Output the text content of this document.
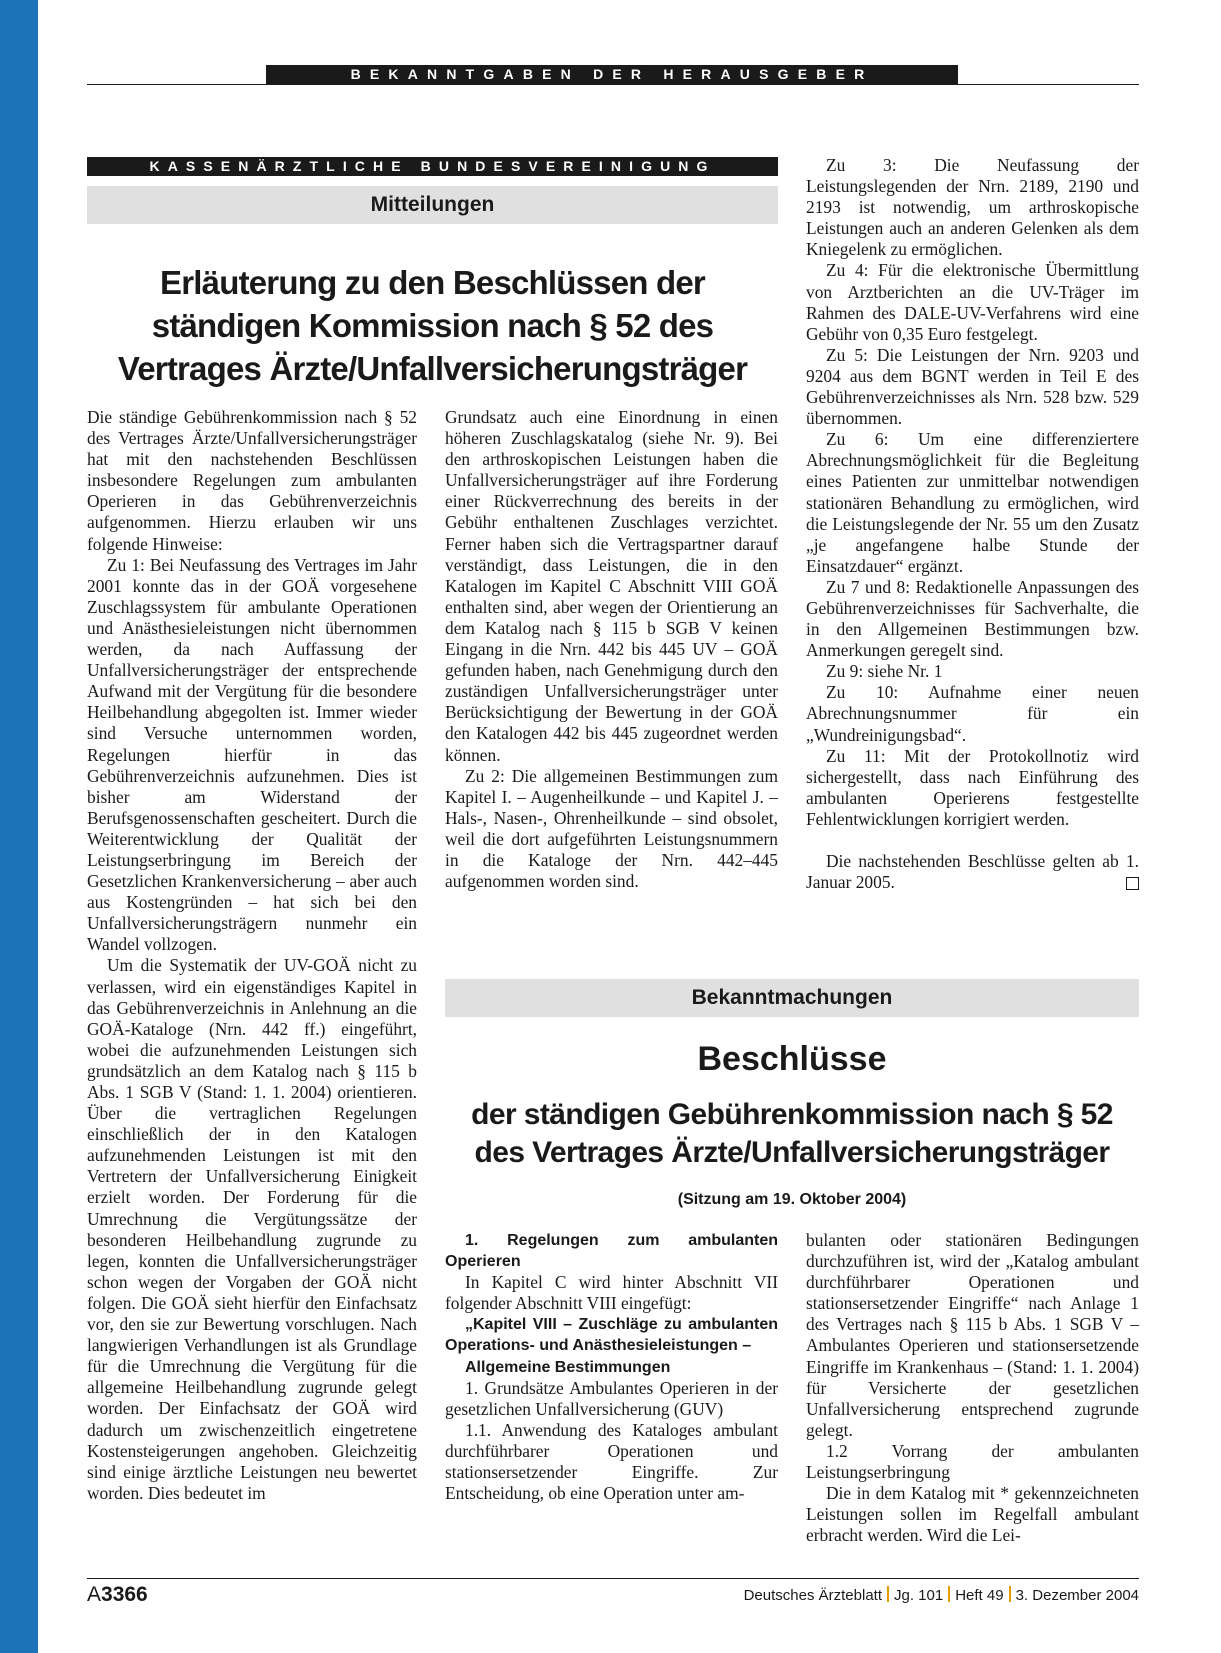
BEKANNTGABEN DER HERAUSGEBER
KASSENÄRZTLICHE BUNDESVEREINIGUNG
Mitteilungen
Erläuterung zu den Beschlüssen der
ständigen Kommission nach § 52 des
Vertrages Ärzte/Unfallversicherungsträger

Die ständige Gebührenkommission nach § 52 des Vertrages Ärzte/Unfallversicherungsträger hat mit den nachstehenden Beschlüssen insbesondere Regelungen zum ambulanten Operieren in das Gebührenverzeichnis aufgenommen. Hierzu erlauben wir uns folgende Hinweise:

Zu 1: Bei Neufassung des Vertrages im Jahr 2001 konnte das in der GOÄ vorgesehene Zuschlagssystem für ambulante Operationen und Anästhesieleistungen nicht übernommen werden, da nach Auffassung der Unfallversicherungsträger der entsprechende Aufwand mit der Vergütung für die besondere Heilbehandlung abgegolten ist. Immer wieder sind Versuche unternommen worden, Regelungen hierfür in das Gebührenverzeichnis aufzunehmen. Dies ist bisher am Widerstand der Berufsgenossenschaften gescheitert. Durch die Weiterentwicklung der Qualität der Leistungserbringung im Bereich der Gesetzlichen Krankenversicherung – aber auch aus Kostengründen – hat sich bei den Unfallversicherungsträgern nunmehr ein Wandel vollzogen.

Um die Systematik der UV-GOÄ nicht zu verlassen, wird ein eigenständiges Kapitel in das Gebührenverzeichnis in Anlehnung an die GOÄ-Kataloge (Nrn. 442 ff.) eingeführt, wobei die aufzunehmenden Leistungen sich grundsätzlich an dem Katalog nach § 115 b Abs. 1 SGB V (Stand: 1. 1. 2004) orientieren. Über die vertraglichen Regelungen einschließlich der in den Katalogen aufzunehmenden Leistungen ist mit den Vertretern der Unfallversicherung Einigkeit erzielt worden. Der Forderung für die Umrechnung die Vergütungssätze der besonderen Heilbehandlung zugrunde zu legen, konnten die Unfallversicherungsträger schon wegen der Vorgaben der GOÄ nicht folgen. Die GOÄ sieht hierfür den Einfachsatz vor, den sie zur Bewertung vorschlugen. Nach langwierigen Verhandlungen ist als Grundlage für die Umrechnung die Vergütung für die allgemeine Heilbehandlung zugrunde gelegt worden. Der Einfachsatz der GOÄ wird dadurch um zwischenzeitlich eingetretene Kostensteigerungen angehoben. Gleichzeitig sind einige ärztliche Leistungen neu bewertet worden. Dies bedeutet im

Grundsatz auch eine Einordnung in einen höheren Zuschlagskatalog (siehe Nr. 9). Bei den arthroskopischen Leistungen haben die Unfallversicherungsträger auf ihre Forderung einer Rückverrechnung des bereits in der Gebühr enthaltenen Zuschlages verzichtet. Ferner haben sich die Vertragspartner darauf verständigt, dass Leistungen, die in den Katalogen im Kapitel C Abschnitt VIII GOÄ enthalten sind, aber wegen der Orientierung an dem Katalog nach § 115 b SGB V keinen Eingang in die Nrn. 442 bis 445 UV – GOÄ gefunden haben, nach Genehmigung durch den zuständigen Unfallversicherungsträger unter Berücksichtigung der Bewertung in der GOÄ den Katalogen 442 bis 445 zugeordnet werden können.

Zu 2: Die allgemeinen Bestimmungen zum Kapitel I. – Augenheilkunde – und Kapitel J. – Hals-, Nasen-, Ohrenheilkunde – sind obsolet, weil die dort aufgeführten Leistungsnummern in die Kataloge der Nrn. 442–445 aufgenommen worden sind.

Zu 3: Die Neufassung der Leistungslegenden der Nrn. 2189, 2190 und 2193 ist notwendig, um arthroskopische Leistungen auch an anderen Gelenken als dem Kniegelenk zu ermöglichen.

Zu 4: Für die elektronische Übermittlung von Arztberichten an die UV-Träger im Rahmen des DALE-UV-Verfahrens wird eine Gebühr von 0,35 Euro festgelegt.

Zu 5: Die Leistungen der Nrn. 9203 und 9204 aus dem BGNT werden in Teil E des Gebührenverzeichnisses als Nrn. 528 bzw. 529 übernommen.

Zu 6: Um eine differenziertere Abrechnungsmöglichkeit für die Begleitung eines Patienten zur unmittelbar notwendigen stationären Behandlung zu ermöglichen, wird die Leistungslegende der Nr. 55 um den Zusatz „je angefangene halbe Stunde der Einsatzdauer“ ergänzt.

Zu 7 und 8: Redaktionelle Anpassungen des Gebührenverzeichnisses für Sachverhalte, die in den Allgemeinen Bestimmungen bzw. Anmerkungen geregelt sind.

Zu 9: siehe Nr. 1

Zu 10: Aufnahme einer neuen Abrechnungsnummer für ein „Wundreinigungsbad“.

Zu 11: Mit der Protokollnotiz wird sichergestellt, dass nach Einführung des ambulanten Operierens festgestellte Fehlentwicklungen korrigiert werden.

Die nachstehenden Beschlüsse gelten ab 1. Januar 2005.

Bekanntmachungen
Beschlüsse
der ständigen Gebührenkommission nach § 52
des Vertrages Ärzte/Unfallversicherungsträger
(Sitzung am 19. Oktober 2004)

1. Regelungen zum ambulanten Operieren

In Kapitel C wird hinter Abschnitt VII folgender Abschnitt VIII eingefügt:

„Kapitel VIII – Zuschläge zu ambulanten Operations- und Anästhesieleistungen –

Allgemeine Bestimmungen

1. Grundsätze Ambulantes Operieren in der gesetzlichen Unfallversicherung (GUV)

1.1. Anwendung des Kataloges ambulant durchführbarer Operationen und stationsersetzender Eingriffe. Zur Entscheidung, ob eine Operation unter am-

bulanten oder stationären Bedingungen durchzuführen ist, wird der „Katalog ambulant durchführbarer Operationen und stationsersetzender Eingriffe“ nach Anlage 1 des Vertrages nach § 115 b Abs. 1 SGB V – Ambulantes Operieren und stationsersetzende Eingriffe im Krankenhaus – (Stand: 1. 1. 2004) für Versicherte der gesetzlichen Unfallversicherung entsprechend zugrunde gelegt.

1.2 Vorrang der ambulanten Leistungserbringung

Die in dem Katalog mit * gekennzeichneten Leistungen sollen im Regelfall ambulant erbracht werden. Wird die Lei-

A3366	Deutsches Ärzteblatt Jg. 101 Heft 49 3. Dezember 2004
